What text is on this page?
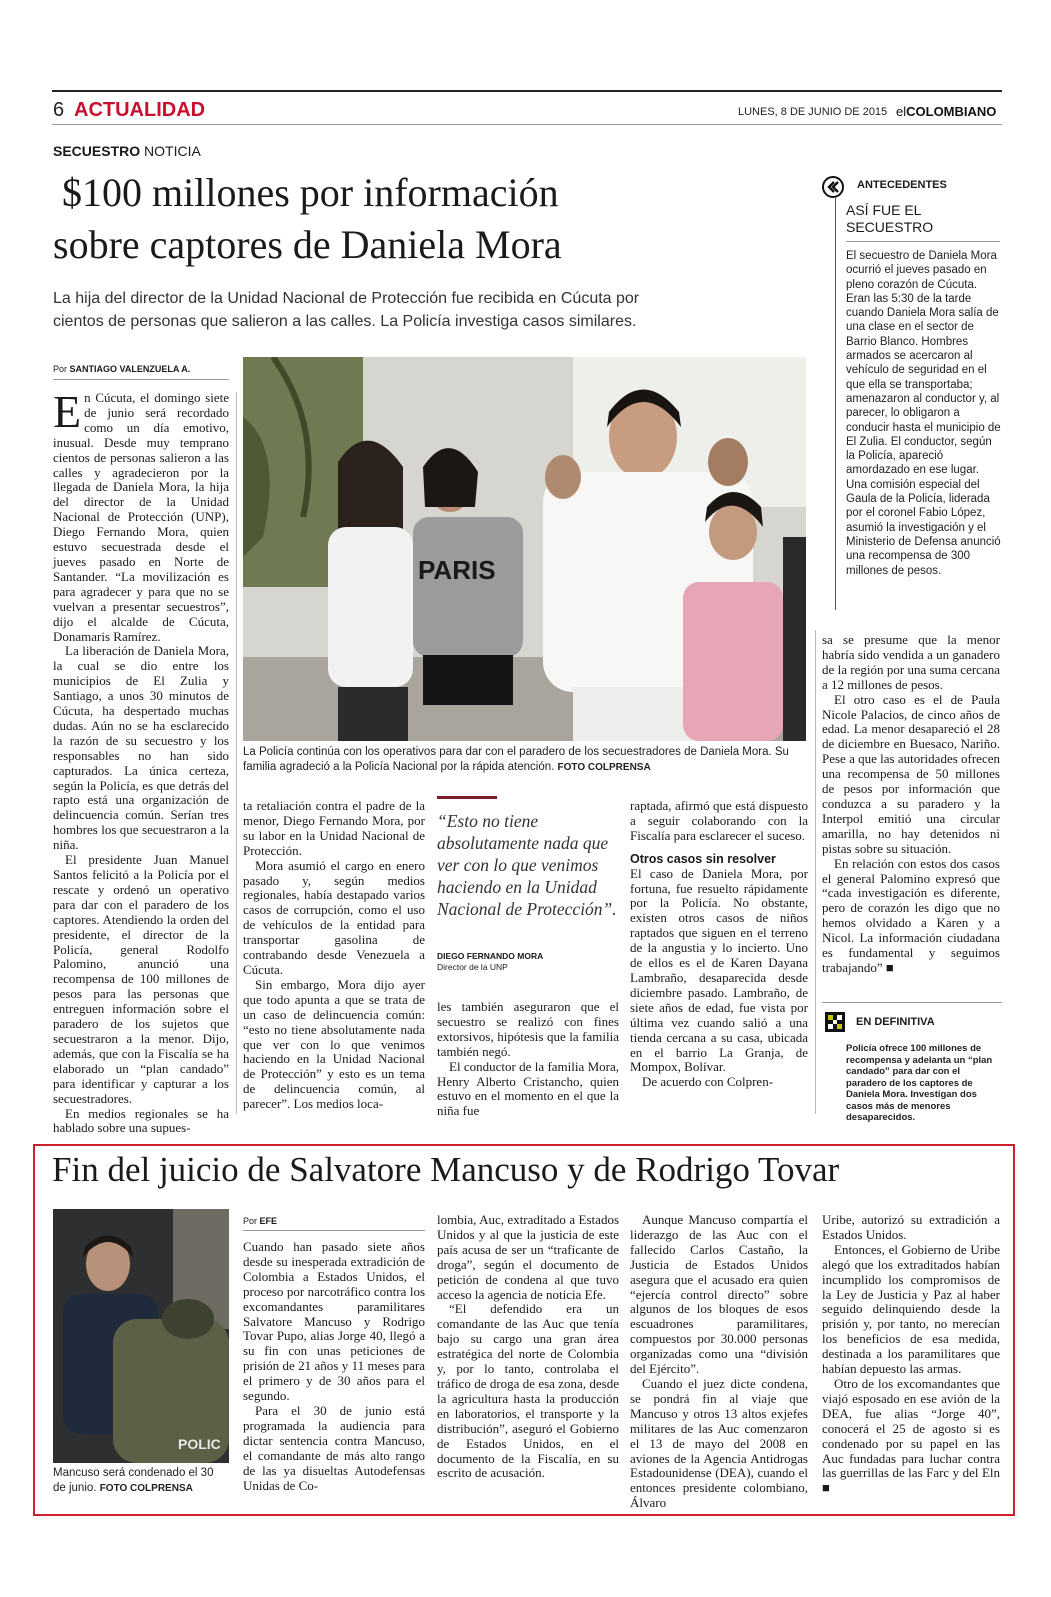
6 ACTUALIDAD	LUNES, 8 DE JUNIO DE 2015 elCOLOMBIANO
SECUESTRO NOTICIA
$100 millones por información
sobre captores de Daniela Mora
La hija del director de la Unidad Nacional de Protección fue recibida en Cúcuta por
cientos de personas que salieron a las calles. La Policía investiga casos similares.
Por SANTIAGO VALENZUELA A.
PARIS
La Policía continúa con los operativos para dar con el paradero de los secuestradores de Daniela Mora. Su familia agradeció a la Policía Nacional por la rápida atención. FOTO COLPRENSA

En Cúcuta, el domingo siete de junio será recordado como un día emotivo, inusual. Desde muy temprano cientos de personas salieron a las calles y agradecieron por la llegada de Daniela Mora, la hija del director de la Unidad Nacional de Protección (UNP), Diego Fernando Mora, quien estuvo secuestrada desde el jueves pasado en Norte de Santander. “La movilización es para agradecer y para que no se vuelvan a presentar secuestros”, dijo el alcalde de Cúcuta, Donamaris Ramírez.

La liberación de Daniela Mora, la cual se dio entre los municipios de El Zulia y Santiago, a unos 30 minutos de Cúcuta, ha despertado muchas dudas. Aún no se ha esclarecido la razón de su secuestro y los responsables no han sido capturados. La única certeza, según la Policía, es que detrás del rapto está una organización de delincuencia común. Serían tres hombres los que secuestraron a la niña.

El presidente Juan Manuel Santos felicitó a la Policía por el rescate y ordenó un operativo para dar con el paradero de los captores. Atendiendo la orden del presidente, el director de la Policía, general Rodolfo Palomino, anunció una recompensa de 100 millones de pesos para las personas que entreguen información sobre el paradero de los sujetos que secuestraron a la menor. Dijo, además, que con la Fiscalía se ha elaborado un “plan candado” para identificar y capturar a los secuestradores.

En medios regionales se ha hablado sobre una supues-

ta retaliación contra el padre de la menor, Diego Fernando Mora, por su labor en la Unidad Nacional de Protección.

Mora asumió el cargo en enero pasado y, según medios regionales, había destapado varios casos de corrupción, como el uso de vehículos de la entidad para transportar gasolina de contrabando desde Venezuela a Cúcuta.

Sin embargo, Mora dijo ayer que todo apunta a que se trata de un caso de delincuencia común: “esto no tiene absolutamente nada que ver con lo que venimos haciendo en la Unidad Nacional de Protección” y esto es un tema de delincuencia común, al parecer”. Los medios loca-

“Esto no tiene absolutamente nada que ver con lo que venimos haciendo en la Unidad Nacional de Protección”.
DIEGO FERNANDO MORA
Director de la UNP

les también aseguraron que el secuestro se realizó con fines extorsivos, hipótesis que la familia también negó.

El conductor de la familia Mora, Henry Alberto Cristancho, quien estuvo en el momento en el que la niña fue

raptada, afirmó que está dispuesto a seguir colaborando con la Fiscalía para esclarecer el suceso.

Otros casos sin resolver

El caso de Daniela Mora, por fortuna, fue resuelto rápidamente por la Policía. No obstante, existen otros casos de niños raptados que siguen en el terreno de la angustia y lo incierto. Uno de ellos es el de Karen Dayana Lambraño, desaparecida desde diciembre pasado. Lambraño, de siete años de edad, fue vista por última vez cuando salió a una tienda cercana a su casa, ubicada en el barrio La Granja, de Mompox, Bolívar.

De acuerdo con Colpren-

sa se presume que la menor habría sido vendida a un ganadero de la región por una suma cercana a 12 millones de pesos.

El otro caso es el de Paula Nicole Palacios, de cinco años de edad. La menor desapareció el 28 de diciembre en Buesaco, Nariño. Pese a que las autoridades ofrecen una recompensa de 50 millones de pesos por información que conduzca a su paradero y la Interpol emitió una circular amarilla, no hay detenidos ni pistas sobre su situación.

En relación con estos dos casos el general Palomino expresó que “cada investigación es diferente, pero de corazón les digo que no hemos olvidado a Karen y a Nicol. La información ciudadana es fundamental y seguimos trabajando” ■

ANTECEDENTES
ASÍ FUE EL
SECUESTRO
El secuestro de Daniela Mora ocurrió el jueves pasado en pleno corazón de Cúcuta. Eran las 5:30 de la tarde cuando Daniela Mora salía de una clase en el sector de Barrio Blanco. Hombres armados se acercaron al vehículo de seguridad en el que ella se transportaba; amenazaron al conductor y, al parecer, lo obligaron a conducir hasta el municipio de El Zulia. El conductor, según la Policía, apareció amordazado en ese lugar. Una comisión especial del Gaula de la Policía, liderada por el coronel Fabio López, asumió la investigación y el Ministerio de Defensa anunció una recompensa de 300 millones de pesos.
EN DEFINITIVA
Policía ofrece 100 millones de recompensa y adelanta un “plan candado” para dar con el paradero de los captores de Daniela Mora. Investigan dos casos más de menores desaparecidos.
Fin del juicio de Salvatore Mancuso y de Rodrigo Tovar
POLIC
Mancuso será condenado el 30 de junio. FOTO COLPRENSA
Por EFE

Cuando han pasado siete años desde su inesperada extradición de Colombia a Estados Unidos, el proceso por narcotráfico contra los excomandantes paramilitares Salvatore Mancuso y Rodrigo Tovar Pupo, alias Jorge 40, llegó a su fin con unas peticiones de prisión de 21 años y 11 meses para el primero y de 30 años para el segundo.

Para el 30 de junio está programada la audiencia para dictar sentencia contra Mancuso, el comandante de más alto rango de las ya disueltas Autodefensas Unidas de Co-

lombia, Auc, extraditado a Estados Unidos y al que la justicia de este país acusa de ser un “traficante de droga”, según el documento de petición de condena al que tuvo acceso la agencia de noticia Efe.

“El defendido era un comandante de las Auc que tenía bajo su cargo una gran área estratégica del norte de Colombia y, por lo tanto, controlaba el tráfico de droga de esa zona, desde la agricultura hasta la producción en laboratorios, el transporte y la distribución”, aseguró el Gobierno de Estados Unidos, en el documento de la Fiscalía, en su escrito de acusación.

Aunque Mancuso compartía el liderazgo de las Auc con el fallecido Carlos Castaño, la Justicia de Estados Unidos asegura que el acusado era quien “ejercía control directo” sobre algunos de los bloques de esos escuadrones paramilitares, compuestos por 30.000 personas organizadas como una “división del Ejército”.

Cuando el juez dicte condena, se pondrá fin al viaje que Mancuso y otros 13 altos exjefes militares de las Auc comenzaron el 13 de mayo del 2008 en aviones de la Agencia Antidrogas Estadounidense (DEA), cuando el entonces presidente colombiano, Álvaro

Uribe, autorizó su extradición a Estados Unidos.

Entonces, el Gobierno de Uribe alegó que los extraditados habían incumplido los compromisos de la Ley de Justicia y Paz al haber seguido delinquiendo desde la prisión y, por tanto, no merecían los beneficios de esa medida, destinada a los paramilitares que habían depuesto las armas.

Otro de los excomandantes que viajó esposado en ese avión de la DEA, fue alias “Jorge 40”, conocerá el 25 de agosto si es condenado por su papel en las Auc fundadas para luchar contra las guerrillas de las Farc y del Eln ■
